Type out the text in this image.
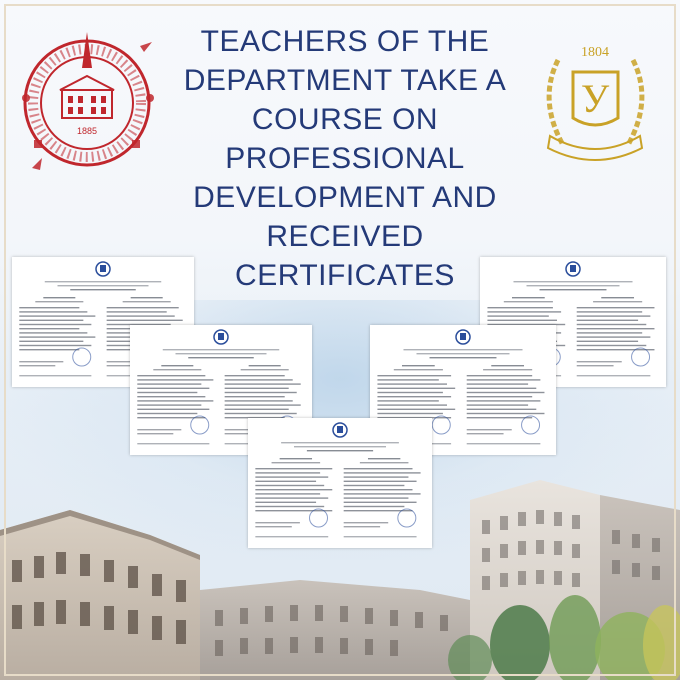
1885
1804
У
TEACHERS OF THE
DEPARTMENT TAKE A
COURSE ON
PROFESSIONAL
DEVELOPMENT AND
RECEIVED CERTIFICATES
